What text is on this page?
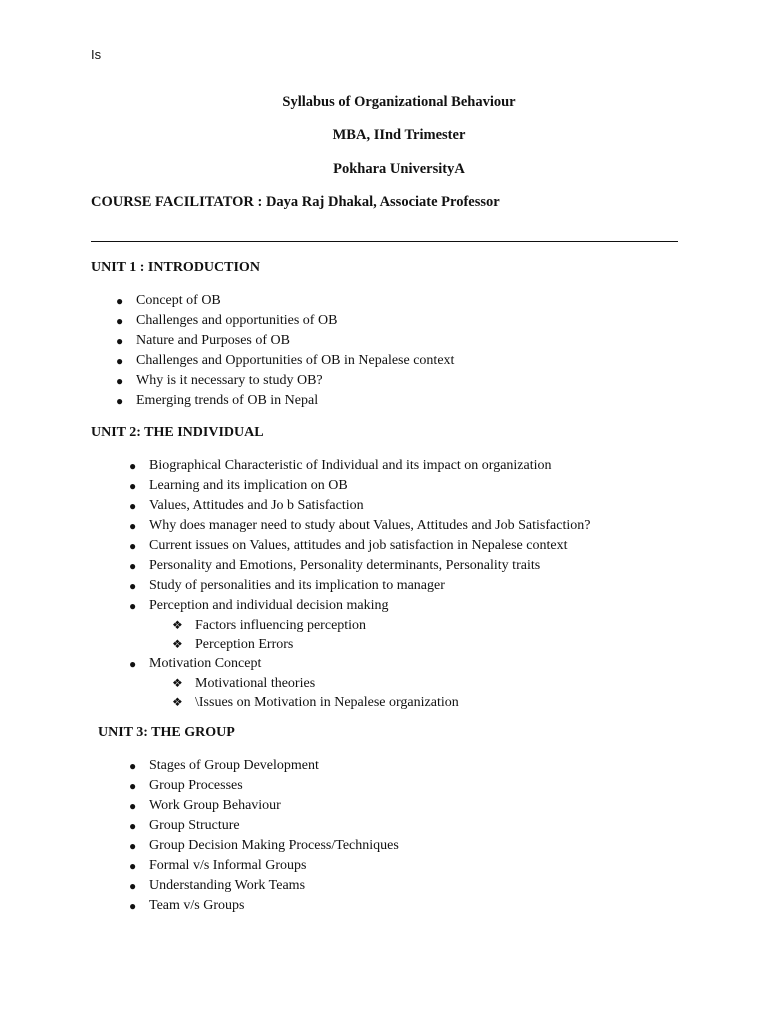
Is
Syllabus of Organizational Behaviour
MBA, IInd Trimester
Pokhara UniversityA
COURSE FACILITATOR : Daya Raj Dhakal, Associate Professor
UNIT 1 : INTRODUCTION
● Concept of OB
● Challenges and opportunities of OB
● Nature and Purposes of OB
● Challenges and Opportunities of OB in Nepalese context
● Why is it necessary to study OB?
● Emerging trends of OB in Nepal
UNIT 2: THE INDIVIDUAL
● Biographical Characteristic of Individual and its impact on organization
● Learning and its implication on OB
● Values, Attitudes and Jo b Satisfaction
● Why does manager need to study about Values, Attitudes and Job Satisfaction?
● Current issues on Values, attitudes and job satisfaction in Nepalese context
● Personality and Emotions, Personality determinants, Personality traits
● Study of personalities and its implication to manager
● Perception and individual decision making
❖ Factors influencing perception
❖ Perception Errors
● Motivation Concept
❖ Motivational theories
❖ \Issues on Motivation in Nepalese organization
UNIT 3: THE GROUP
● Stages of Group Development
● Group Processes
● Work Group Behaviour
● Group Structure
● Group Decision Making Process/Techniques
● Formal v/s Informal Groups
● Understanding Work Teams
● Team v/s Groups
